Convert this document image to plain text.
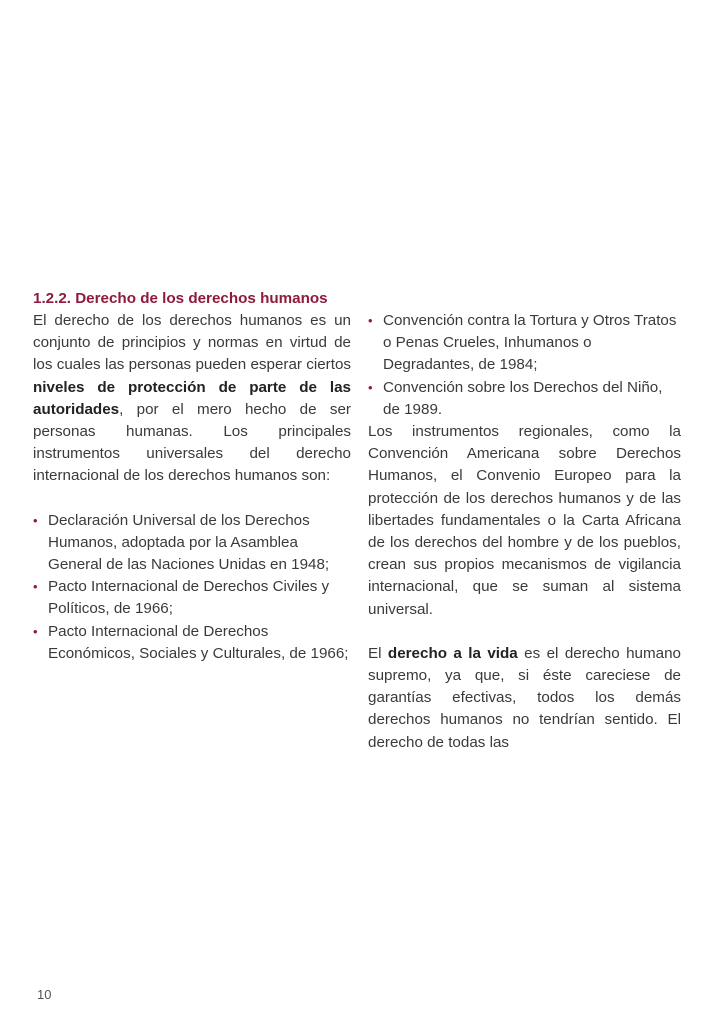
1.2.2. Derecho de los derechos humanos

El derecho de los derechos humanos es un conjunto de principios y normas en virtud de los cuales las personas pueden esperar ciertos niveles de protección de parte de las autoridades, por el mero hecho de ser personas humanas. Los principales instrumentos universales del derecho internacional de los derechos humanos son:

• Declaración Universal de los Derechos Humanos, adoptada por la Asamblea General de las Naciones Unidas en 1948;
• Pacto Internacional de Derechos Civiles y Políticos, de 1966;
• Pacto Internacional de Derechos Económicos, Sociales y Culturales, de 1966;
• Convención contra la Tortura y Otros Tratos o Penas Crueles, Inhumanos o Degradantes, de 1984;
• Convención sobre los Derechos del Niño, de 1989.

Los instrumentos regionales, como la Convención Americana sobre Derechos Humanos, el Convenio Europeo para la protección de los derechos humanos y de las libertades fundamentales o la Carta Africana de los derechos del hombre y de los pueblos, crean sus propios mecanismos de vigilancia internacional, que se suman al sistema universal.

El derecho a la vida es el derecho humano supremo, ya que, si éste careciese de garantías efectivas, todos los demás derechos humanos no tendrían sentido. El derecho de todas las

10
